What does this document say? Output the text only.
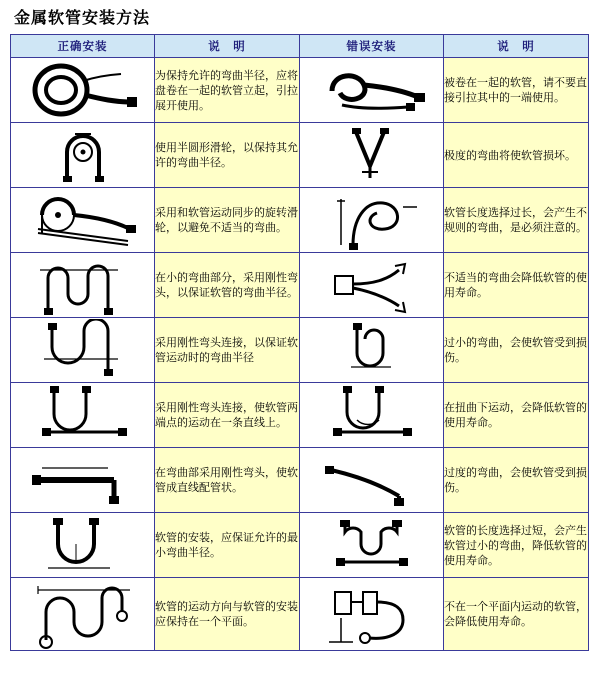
金属软管安装方法
正确安装	说　明	错误安装	说　明

	为保持允许的弯曲半径，应将盘卷在一起的软管立起，引拉展开使用。		被卷在一起的软管，请不要直接引拉其中的一端使用。

	使用半圆形滑轮，以保持其允许的弯曲半径。		极度的弯曲将使软管损坏。

	采用和软管运动同步的旋转滑轮，以避免不适当的弯曲。		软管长度选择过长，会产生不规则的弯曲，是必须注意的。

	在小的弯曲部分，采用刚性弯头，以保证软管的弯曲半径。		不适当的弯曲会降低软管的使用寿命。

	采用刚性弯头连接，以保证软管运动时的弯曲半径		过小的弯曲，会使软管受到损伤。

	采用刚性弯头连接，使软管两端点的运动在一条直线上。		在扭曲下运动，会降低软管的使用寿命。

	在弯曲部采用刚性弯头，使软管成直线配管状。		过度的弯曲，会使软管受到损伤。

	软管的安装，应保证允许的最小弯曲半径。		软管的长度选择过短，会产生软管过小的弯曲，降低软管的使用寿命。

	软管的运动方向与软管的安装应保持在一个平面。		不在一个平面内运动的软管，会降低使用寿命。
